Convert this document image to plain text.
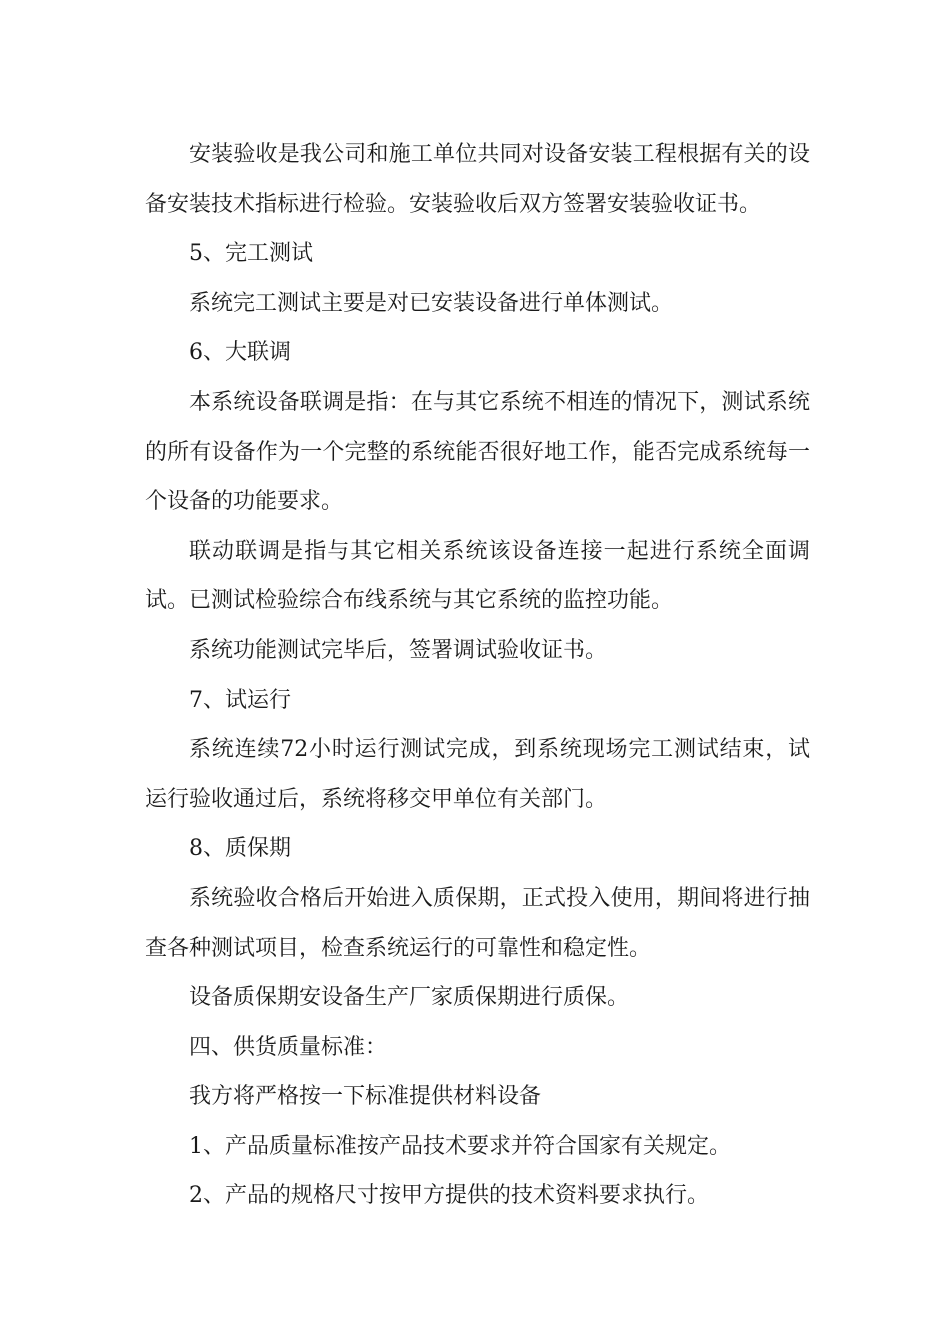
安装验收是我公司和施工单位共同对设备安装工程根据有关的设备安装技术指标进行检验。安装验收后双方签署安装验收证书。

5、完工测试

系统完工测试主要是对已安装设备进行单体测试。

6、大联调

本系统设备联调是指：在与其它系统不相连的情况下，测试系统的所有设备作为一个完整的系统能否很好地工作，能否完成系统每一个设备的功能要求。

联动联调是指与其它相关系统该设备连接一起进行系统全面调试。已测试检验综合布线系统与其它系统的监控功能。

系统功能测试完毕后，签署调试验收证书。

7、试运行

系统连续72小时运行测试完成，到系统现场完工测试结束，试运行验收通过后，系统将移交甲单位有关部门。

8、质保期

系统验收合格后开始进入质保期，正式投入使用，期间将进行抽查各种测试项目，检查系统运行的可靠性和稳定性。

设备质保期安设备生产厂家质保期进行质保。

四、供货质量标准：

我方将严格按一下标准提供材料设备

1、产品质量标准按产品技术要求并符合国家有关规定。

2、产品的规格尺寸按甲方提供的技术资料要求执行。
